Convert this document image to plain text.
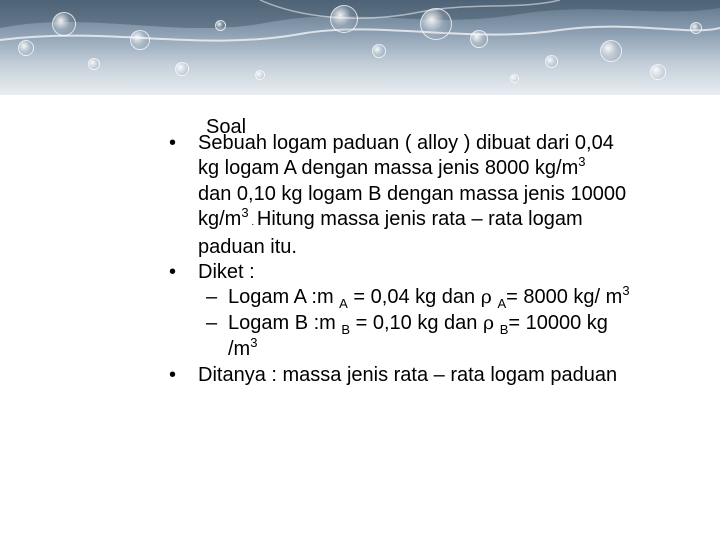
Soal
• Sebuah logam paduan ( alloy ) dibuat dari 0,04
kg logam A dengan massa jenis 8000 $kg/m^3$
dan 0,10 kg logam B dengan massa jenis 10000
$kg/m^3$ . Hitung massa jenis rata – rata logam
paduan itu.
• Diket :
– Logam A :m $_A$ = 0,04 kg dan ρ $_A$= 8000 kg/ $m^3$
– Logam B :m $_B$ = 0,10 kg dan ρ $_B$= 10000 kg
$/m^3$
• Ditanya : massa jenis rata – rata logam paduan
